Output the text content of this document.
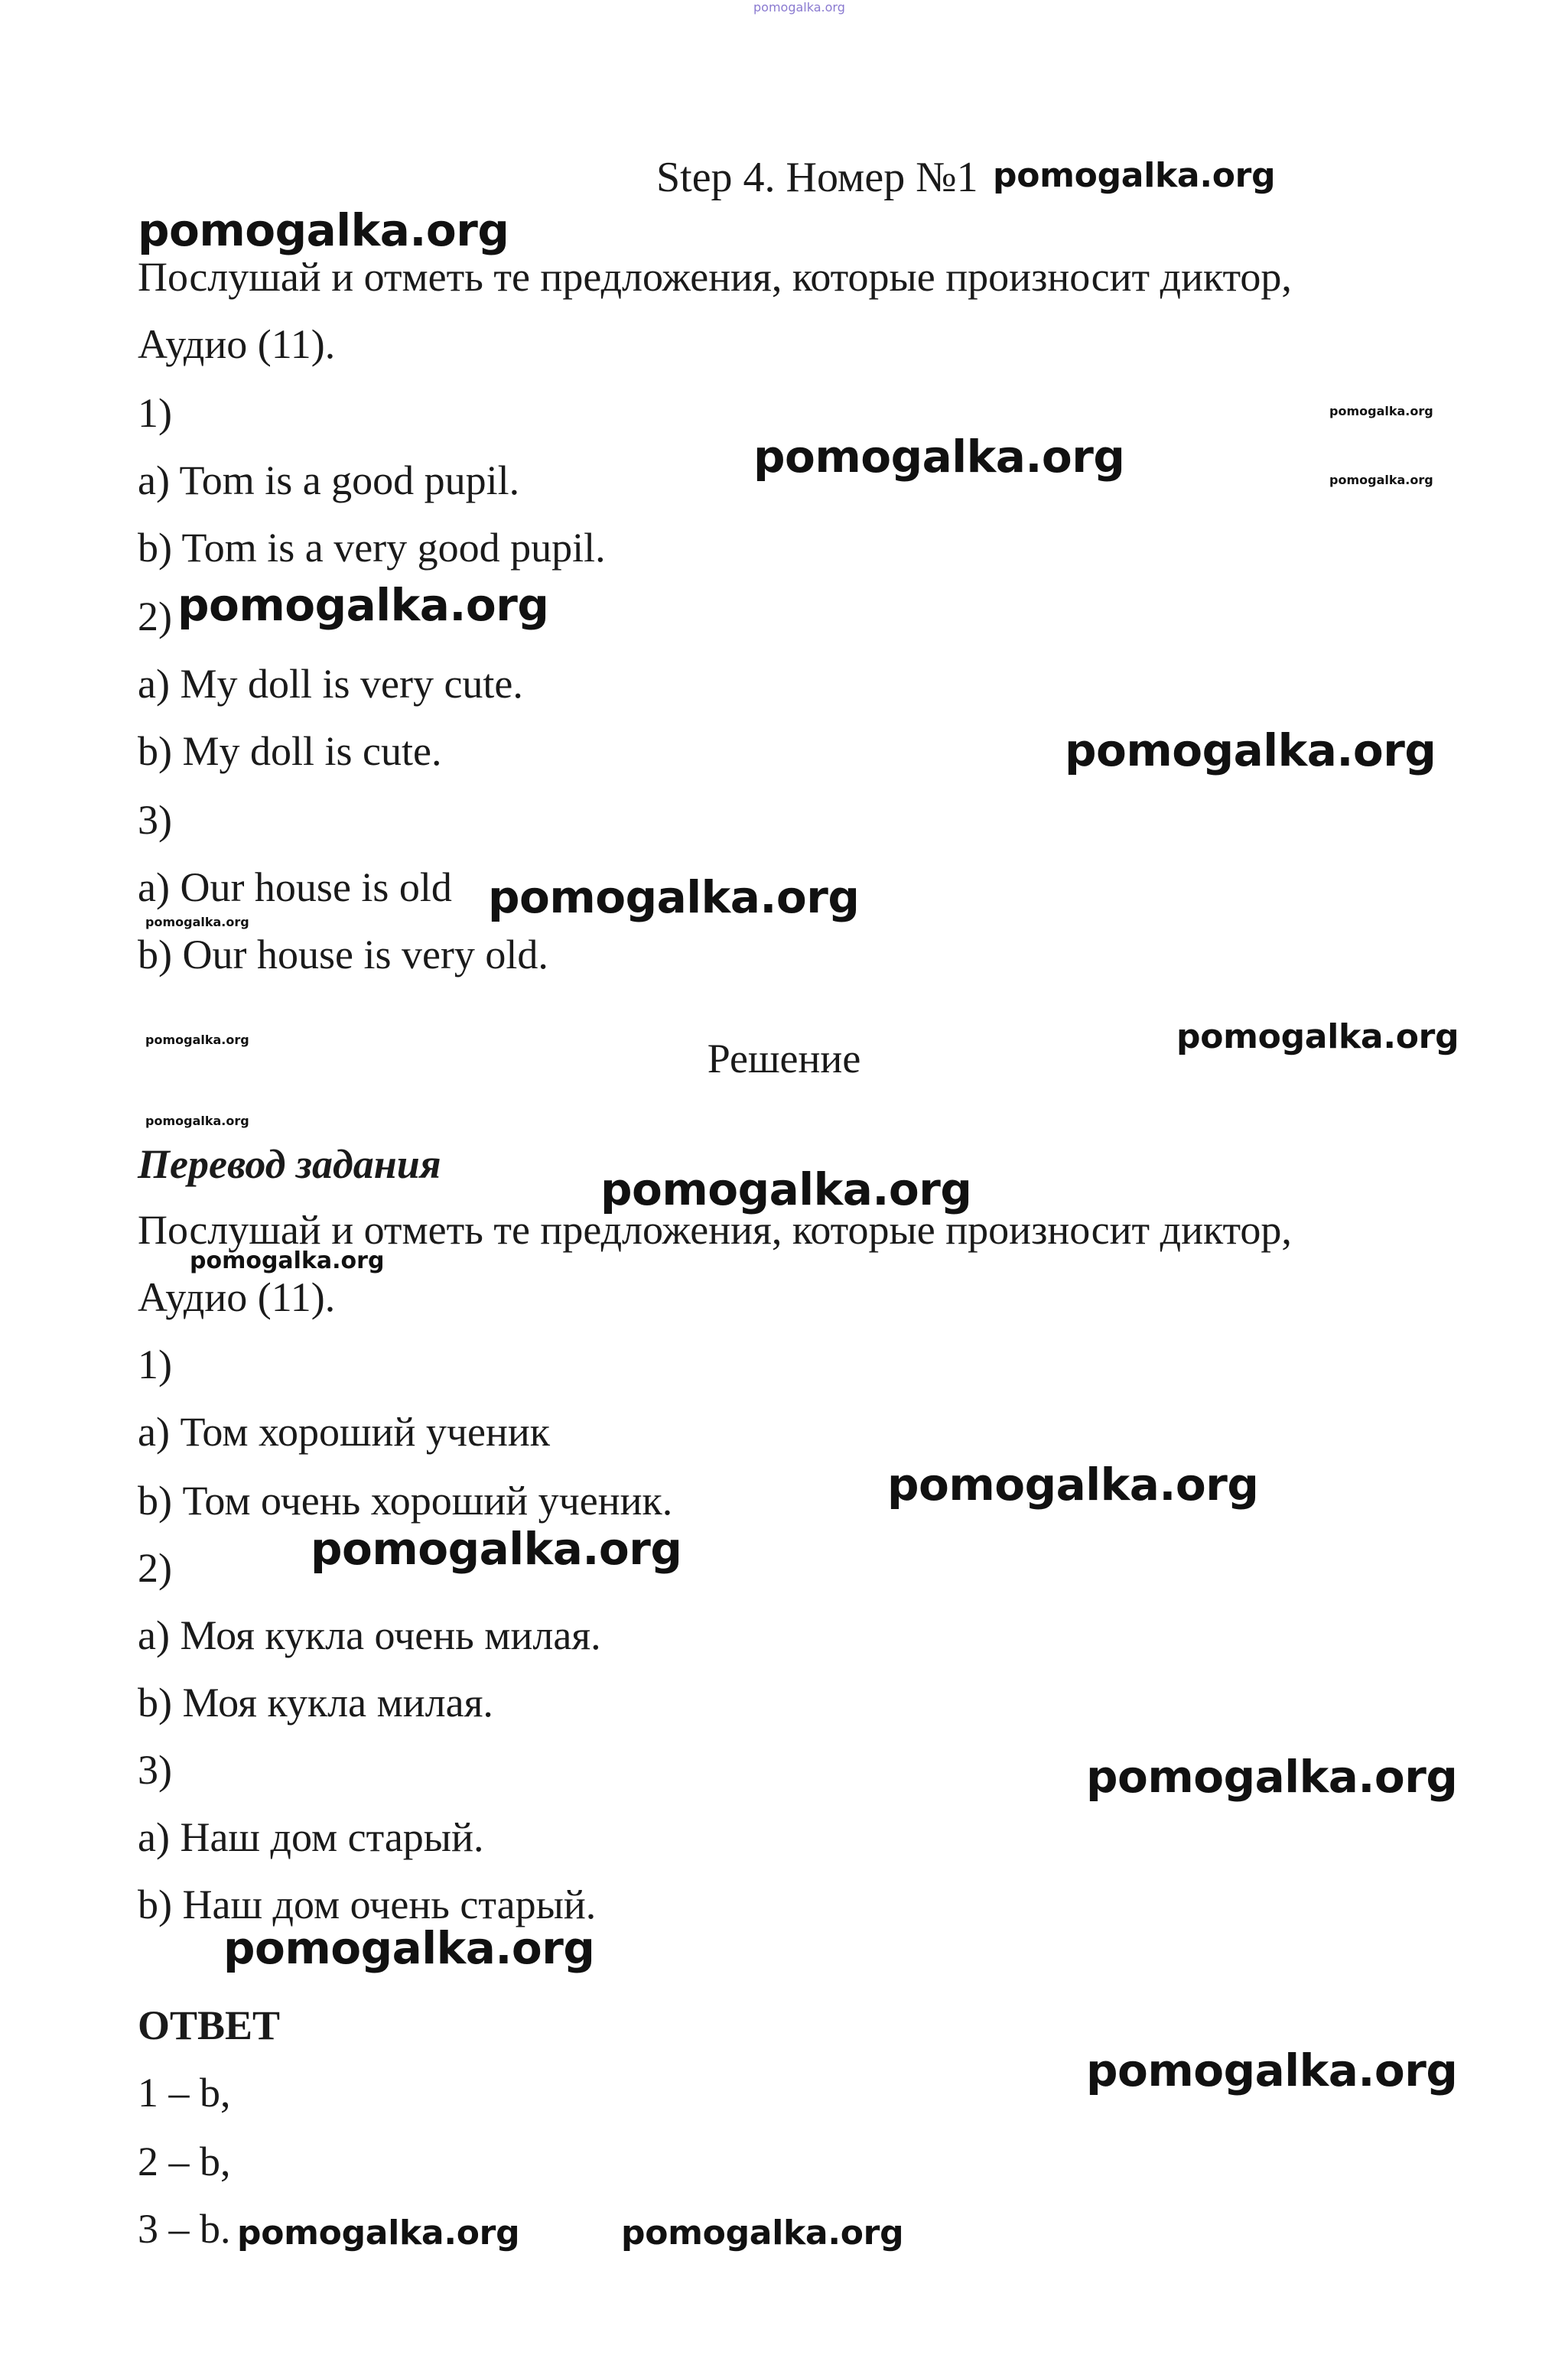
pomogalka.org
Step 4. Номер №1
Послушай и отметь те предложения, которые произносит диктор,
Аудио (11).
1)
a) Tom is a good pupil.
b) Tom is a very good pupil.
2)
a) My doll is very cute.
b) My doll is cute.
3)
a) Our house is old
b) Our house is very old.
Решение
Перевод задания
Послушай и отметь те предложения, которые произносит диктор,
Аудио (11).
1)
a) Том хороший ученик
b) Том очень хороший ученик.
2)
a) Моя кукла очень милая.
b) Моя кукла милая.
3)
a) Наш дом старый.
b) Наш дом очень старый.
ОТВЕТ
1 – b,
2 – b,
3 – b.
pomogalka.org
pomogalka.org
pomogalka.org
pomogalka.org	pomogalka.org
pomogalka.org
pomogalka.org
pomogalka.org
pomogalka.org
pomogalka.org	pomogalka.org
pomogalka.org
pomogalka.org
pomogalka.org
pomogalka.org
pomogalka.org
pomogalka.org
pomogalka.org
pomogalka.org
pomogalka.org	pomogalka.org
